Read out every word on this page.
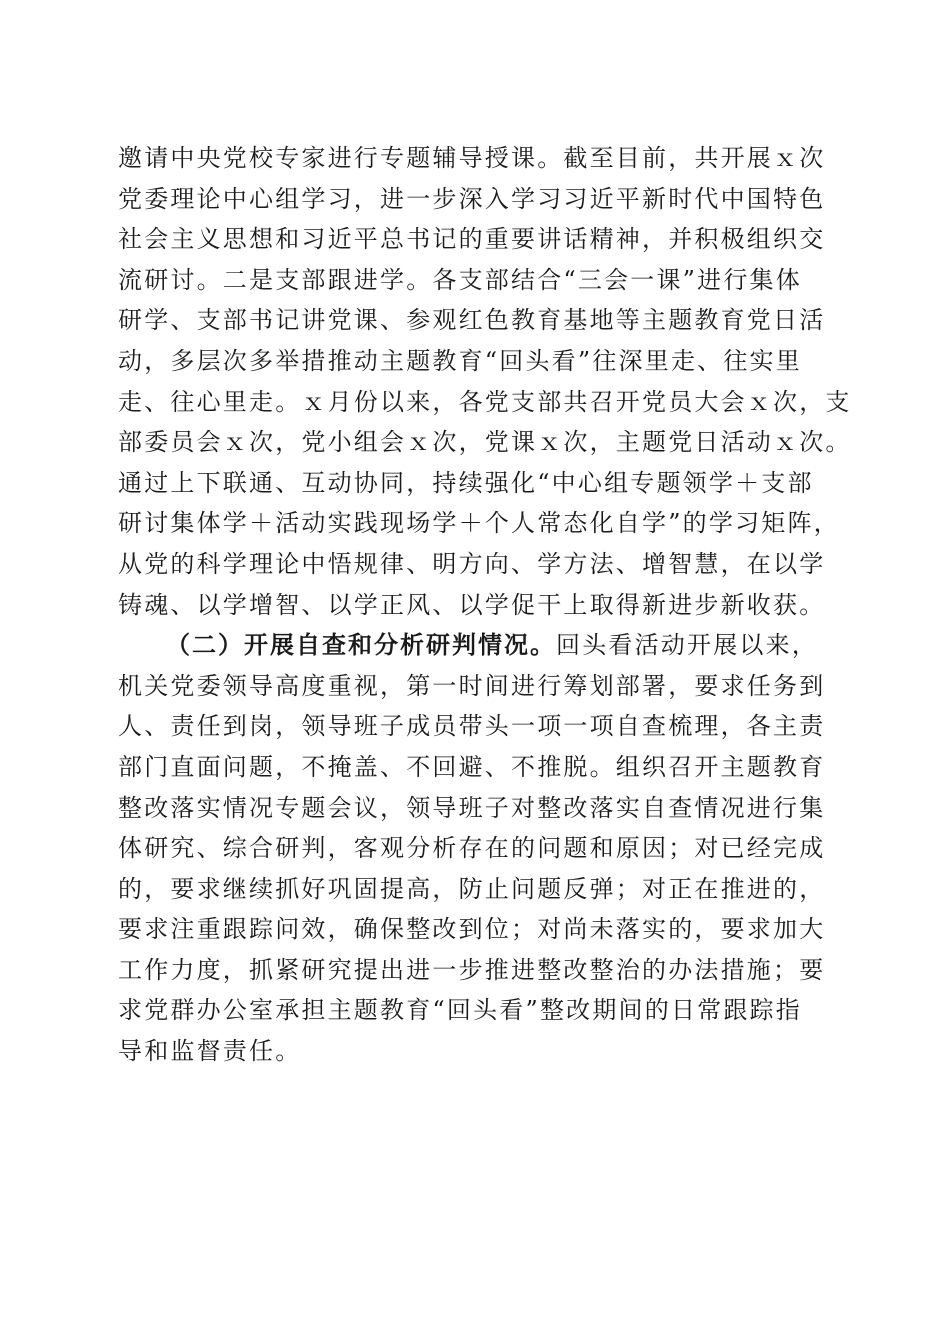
邀请中央党校专家进行专题辅导授课。截至目前，共开展ｘ次
党委理论中心组学习，进一步深入学习习近平新时代中国特色
社会主义思想和习近平总书记的重要讲话精神，并积极组织交
流研讨。二是支部跟进学。各支部结合“三会一课”进行集体
研学、支部书记讲党课、参观红色教育基地等主题教育党日活
动，多层次多举措推动主题教育“回头看”往深里走、往实里
走、往心里走。ｘ月份以来，各党支部共召开党员大会ｘ次，支
部委员会ｘ次，党小组会ｘ次，党课ｘ次，主题党日活动ｘ次。
通过上下联通、互动协同，持续强化“中心组专题领学＋支部
研讨集体学＋活动实践现场学＋个人常态化自学”的学习矩阵，
从党的科学理论中悟规律、明方向、学方法、增智慧，在以学
铸魂、以学增智、以学正风、以学促干上取得新进步新收获。
（二）开展自查和分析研判情况。回头看活动开展以来，
机关党委领导高度重视，第一时间进行筹划部署，要求任务到
人、责任到岗，领导班子成员带头一项一项自查梳理，各主责
部门直面问题，不掩盖、不回避、不推脱。组织召开主题教育
整改落实情况专题会议，领导班子对整改落实自查情况进行集
体研究、综合研判，客观分析存在的问题和原因；对已经完成
的，要求继续抓好巩固提高，防止问题反弹；对正在推进的，
要求注重跟踪问效，确保整改到位；对尚未落实的，要求加大
工作力度，抓紧研究提出进一步推进整改整治的办法措施；要
求党群办公室承担主题教育“回头看”整改期间的日常跟踪指
导和监督责任。
